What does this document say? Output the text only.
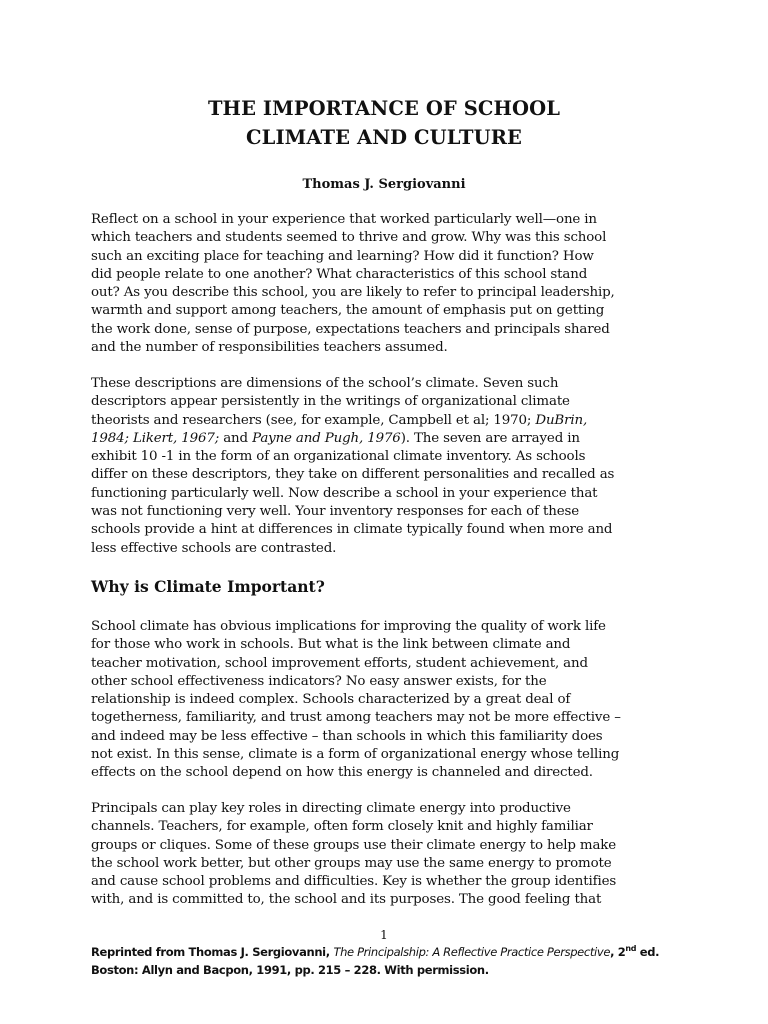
THE IMPORTANCE OF SCHOOL
CLIMATE AND CULTURE
Thomas J. Sergiovanni

Reflect on a school in your experience that worked particularly well—one in
which teachers and students seemed to thrive and grow. Why was this school
such an exciting place for teaching and learning? How did it function? How
did people relate to one another? What characteristics of this school stand
out? As you describe this school, you are likely to refer to principal leadership,
warmth and support among teachers, the amount of emphasis put on getting
the work done, sense of purpose, expectations teachers and principals shared
and the number of responsibilities teachers assumed.

These descriptions are dimensions of the school’s climate. Seven such
descriptors appear persistently in the writings of organizational climate
theorists and researchers (see, for example, Campbell et al; 1970; DuBrin,
1984; Likert, 1967; and Payne and Pugh, 1976). The seven are arrayed in
exhibit 10 -1 in the form of an organizational climate inventory. As schools
differ on these descriptors, they take on different personalities and recalled as
functioning particularly well. Now describe a school in your experience that
was not functioning very well. Your inventory responses for each of these
schools provide a hint at differences in climate typically found when more and
less effective schools are contrasted.

Why is Climate Important?

School climate has obvious implications for improving the quality of work life
for those who work in schools. But what is the link between climate and
teacher motivation, school improvement efforts, student achievement, and
other school effectiveness indicators? No easy answer exists, for the
relationship is indeed complex. Schools characterized by a great deal of
togetherness, familiarity, and trust among teachers may not be more effective –
and indeed may be less effective – than schools in which this familiarity does
not exist. In this sense, climate is a form of organizational energy whose telling
effects on the school depend on how this energy is channeled and directed.

Principals can play key roles in directing climate energy into productive
channels. Teachers, for example, often form closely knit and highly familiar
groups or cliques. Some of these groups use their climate energy to help make
the school work better, but other groups may use the same energy to promote
and cause school problems and difficulties. Key is whether the group identifies
with, and is committed to, the school and its purposes. The good feeling that

1
Reprinted from Thomas J. Sergiovanni, The Principalship: A Reflective Practice Perspective, 2nd ed.
Boston: Allyn and Bacpon, 1991, pp. 215 – 228. With permission.
